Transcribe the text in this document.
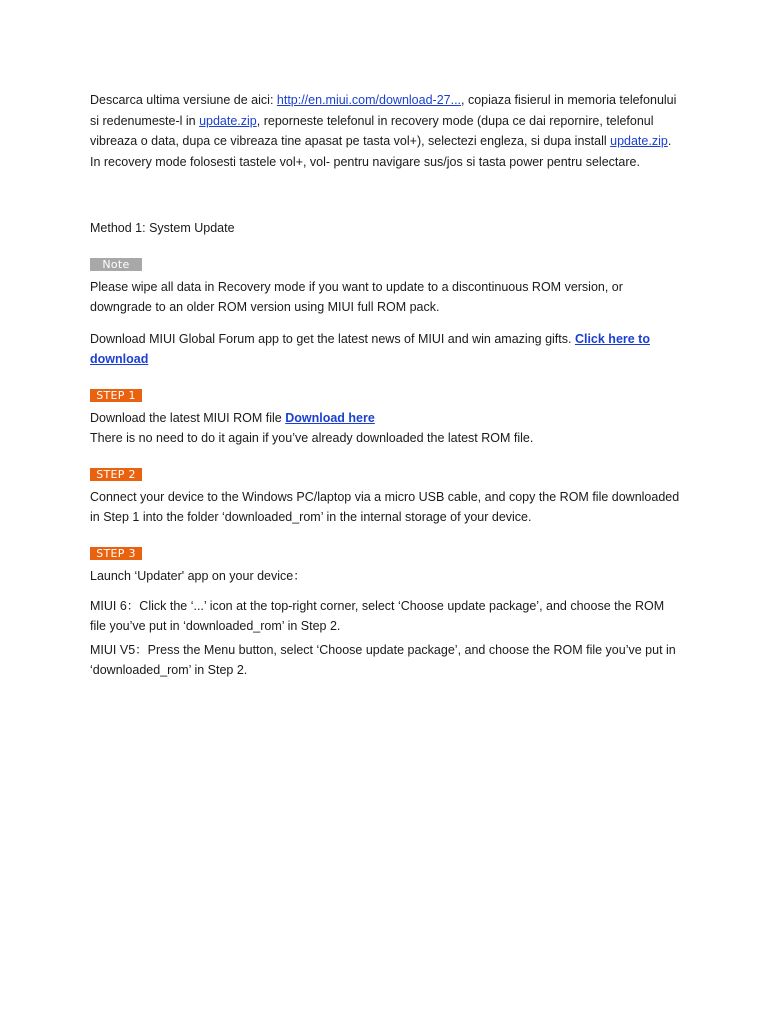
Descarca ultima versiune de aici: http://en.miui.com/download-27..., copiaza fisierul in memoria telefonului si redenumeste-l in update.zip, reporneste telefonul in recovery mode (dupa ce dai repornire, telefonul vibreaza o data, dupa ce vibreaza tine apasat pe tasta vol+), selectezi engleza, si dupa install update.zip. In recovery mode folosesti tastele vol+, vol- pentru navigare sus/jos si tasta power pentru selectare.

Method 1: System Update

Note

Please wipe all data in Recovery mode if you want to update to a discontinuous ROM version, or downgrade to an older ROM version using MIUI full ROM pack.

Download MIUI Global Forum app to get the latest news of MIUI and win amazing gifts. Click here to download

STEP 1

Download the latest MIUI ROM file Download here

There is no need to do it again if you’ve already downloaded the latest ROM file.

STEP 2

Connect your device to the Windows PC/laptop via a micro USB cable, and copy the ROM file downloaded in Step 1 into the folder ‘downloaded_rom’ in the internal storage of your device.

STEP 3

Launch ‘Updater' app on your device：

MIUI 6：Click the ‘...’ icon at the top-right corner, select ‘Choose update package’, and choose the ROM file you’ve put in ‘downloaded_rom’ in Step 2.

MIUI V5：Press the Menu button, select ‘Choose update package’, and choose the ROM file you’ve put in ‘downloaded_rom’ in Step 2.
